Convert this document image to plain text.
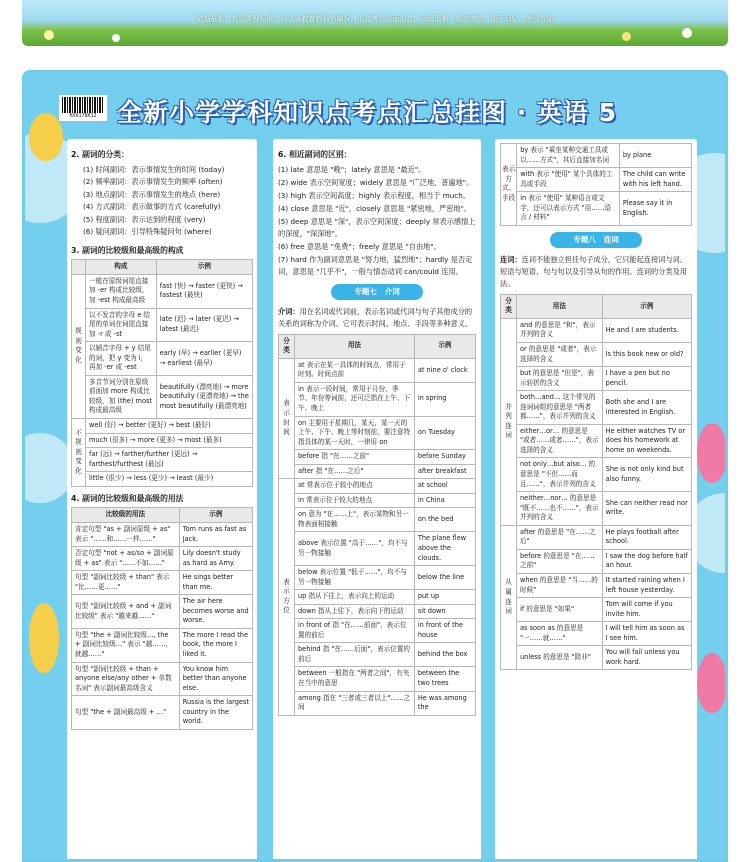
依据最新《英语课程标准》及义务教育教科书编写，汇总考点全面汇总，条理清晰，重点突出，便于记忆，使用方便
HX0178K12 全新小学学科知识点考点汇总挂图 · 英语 5
2. 副词的分类：
(1) 时间副词：表示事情发生的时间 (today)
(2) 频率副词：表示事情发生的频率 (often)
(3) 地点副词：表示事情发生的地点 (here)
(4) 方式副词：表示做事的方式 (carefully)
(5) 程度副词：表示达到的程度 (very)
(6) 疑问副词：引导特殊疑问句 (where)
3. 副词的比较级和最高级的构成
	构成	示例
规则变化	一般在原级词尾直接加 -er 构成比较级，加 -est 构成最高级	fast (快) → faster (更快) → fastest (最快)
	以不发音的字母 e 结尾的单词在词尾直接加 -r 或 -st	late (迟) → later (更迟) → latest (最迟)
	以辅音字母 + y 结尾的词，把 y 变为 i，再加 -er 或 -est	early (早) → earlier (更早) → earliest (最早)
	多音节词分别在原级前面加 more 构成比较级，加 (the) most 构成最高级	beautifully (漂亮地) → more beautifully (更漂亮地) → the most beautifully (最漂亮地)
不规则变化	well (好) → better (更好) → best (最好)	
	much (很多) → more (更多) → most (最多)	
	far (远) → farther/further (更远) → farthest/furthest (最远)	
	little (很少) → less (更少) → least (最少)	
4. 副词的比较级和最高级的用法
比较级的用法	示例
肯定句型 "as + 副词原级 + as" 表示 "……和……一样……"	Tom runs as fast as Jack.
否定句型 "not + as/so + 副词原级 + as" 表示 "……不如……"	Lily doesn't study as hard as Amy.
句型 "副词比较级 + than" 表示 "比……更……"	He sings better than me.
句型 "副词比较级 + and + 副词比较级" 表示 "越来越……"	The air here becomes worse and worse.
句型 "the + 副词比较级…, the + 副词比较级…" 表示 "越……，就越……"	The more I read the book, the more I liked it.
句型 "副词比较级 + than + anyone else/any other + 单数名词" 表示副词最高级含义	You know him better than anyone else.
句型 "the + 副词最高级 + …"	Russia is the largest country in the world.
6. 相近副词的区别：

(1) late 意思是 "晚"；lately 意思是 "最近"。

(2) wide 表示空间宽度；widely 意思是 "广泛地，普遍地"。

(3) high 表示空间高度；highly 表示程度，相当于 much。

(4) close 意思是 "近"，closely 意思是 "紧密地，严密地"。

(5) deep 意思是 "深"，表示空间深度；deeply 常表示感情上的深度，"深深地"。

(6) free 意思是 "免费"；freely 意思是 "自由地"。

(7) hard 作为副词意思是 "努力地，猛烈地"；hardly 是否定词，意思是 "几乎不"，一般与情态动词 can/could 连用。

专题七　介词
介词：用在名词或代词前，表示名词或代词与句子其他成分的关系的词称为介词。它可表示时间、地点、手段等多种意义。
分类	用法	示例
表示时间	at 表示在某一具体的时间点，常用于时刻、时间点前	at nine o' clock
	in 表示一段时间，常用于月份、季节、年份等词前，还可泛指在上午、下午、晚上	in spring
	on 主要用于星期几，某天，某一天的上午、下午、晚上等时刻前，要注意特指具体的某一天时，一律用 on	on Tuesday
	before 指 "在……之前"	before Sunday
	after 指 "在……之后"	after breakfast
表示方位	at 常表示位于较小的地点	at school
	in 常表示位于较大的地点	in China
	on 意为 "在……上"，表示某物和另一物表面相接触	on the bed
	above 表示位置 "高于……"，均不与另一物接触	The plane flew above the clouds.
	below 表示位置 "低于……"，均不与另一物接触	below the line
	up 指从下往上，表示向上的运动	put up
	down 指从上往下，表示向下的运动	sit down
	in front of 指 "在……前面"，表示位置的前后	in front of the house
	behind 指 "在……后面"，表示位置的前后	behind the box
	between 一般指在 "两者之间"，有夹在当中的意思	between the two trees
	among 指在 "三者或三者以上"……之间	He was among the
表示方式、手段	by 表示 "乘坐某种交通工具或以……方式"，其后直接加名词	by plane
	with 表示 "使用" 某个具体的工具或手段	The child can write with his left hand.
	in 表示 "使用" 某种语言或文字，还可以表示方式 "用……语言 / 材料"	Please say it in English.
专题八　连词
连词：连词不能独立担任句子成分，它只能起连接词与词、短语与短语、句与句以及引导从句的作用。连词的分类及用法。
分类	用法	示例
并列连词	and 的意思是 "和"，表示并列的含义	He and I are students.
	or 的意思是 "或者"，表示选择的含义	Is this book new or old?
	but 的意思是 "但是"，表示转折的含义	I have a pen but no pencil.
	both…and… 这个常见的连词词组的意思是 "两者都……"，表示并列的含义	Both she and I are interested in English.
	either…or… 的意思是 "或者……或者……"，表示选择的含义	He either watches TV or does his homework at home on weekends.
	not only…but also… 的意思是 "不但……而且……"，表示并列的含义	She is not only kind but also funny.
	neither…nor… 的意思是 "既不……也不……"，表示并列的含义	She can neither read nor write.
从属连词	after 的意思是 "在……之后"	He plays football after school.
	before 的意思是 "在……之前"	I saw the dog before half an hour.
	when 的意思是 "当……的时候"	It started raining when I left house yesterday.
	if 的意思是 "如果"	Tom will come if you invite him.
	as soon as 的意思是 "一……就……"	I will tell him as soon as I see him.
	unless 的意思是 "除非"	You will fail unless you work hard.
